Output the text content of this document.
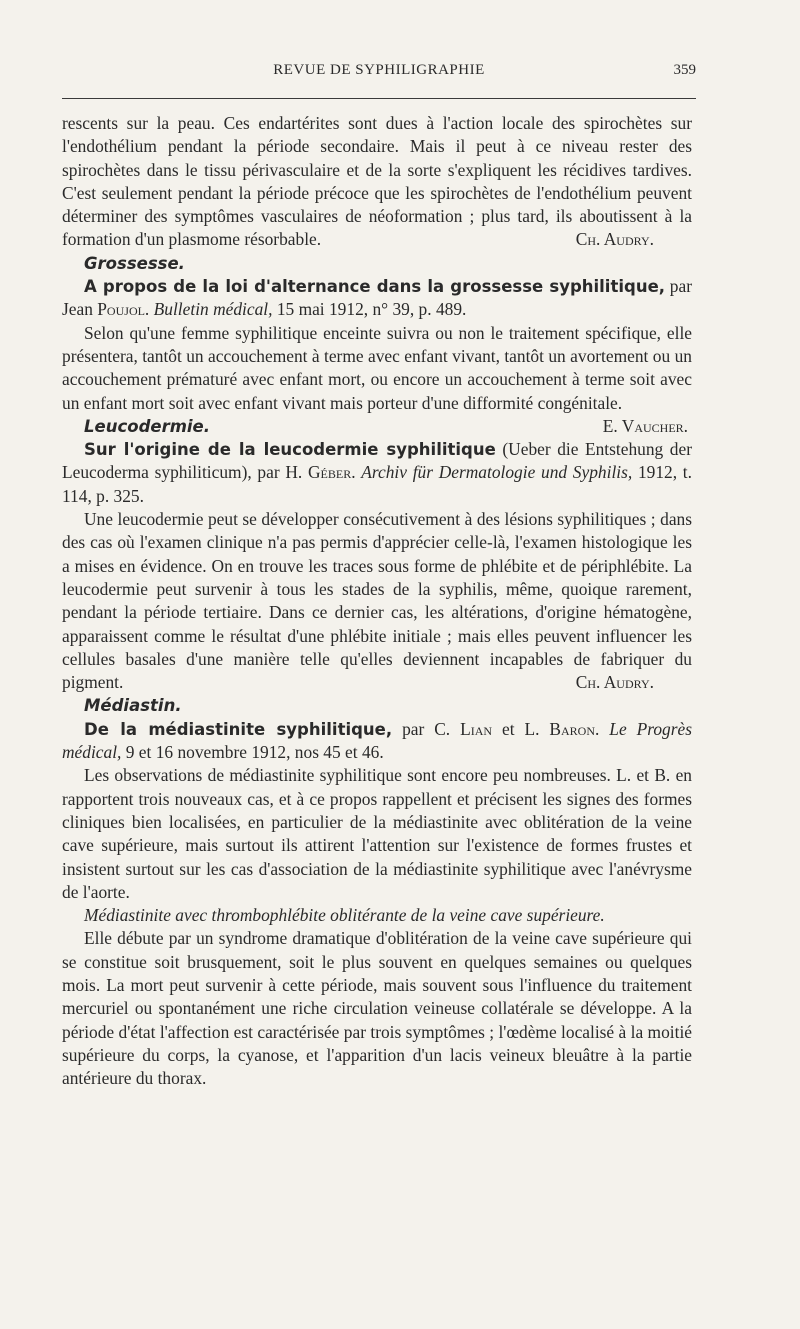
REVUE DE SYPHILIGRAPHIE	359

rescents sur la peau. Ces endartérites sont dues à l'action locale des spirochètes sur l'endothélium pendant la période secondaire. Mais il peut à ce niveau rester des spirochètes dans le tissu périvasculaire et de la sorte s'expliquent les récidives tardives. C'est seulement pendant la période précoce que les spirochètes de l'endothélium peuvent déterminer des symptômes vasculaires de néoformation ; plus tard, ils aboutissent à la formation d'un plasmome résorbable.	Ch. Audry.

Grossesse.

A propos de la loi d'alternance dans la grossesse syphilitique, par Jean Poujol. Bulletin médical, 15 mai 1912, n° 39, p. 489.

Selon qu'une femme syphilitique enceinte suivra ou non le traitement spécifique, elle présentera, tantôt un accouchement à terme avec enfant vivant, tantôt un avortement ou un accouchement prématuré avec enfant mort, ou encore un accouchement à terme soit avec un enfant mort soit avec enfant vivant mais porteur d'une difformité congénitale.
E. Vaucher.

Leucodermie.

Sur l'origine de la leucodermie syphilitique (Ueber die Entstehung der Leucoderma syphiliticum), par H. Géber. Archiv für Dermatologie und Syphilis, 1912, t. 114, p. 325.

Une leucodermie peut se développer consécutivement à des lésions syphilitiques ; dans des cas où l'examen clinique n'a pas permis d'apprécier celle-là, l'examen histologique les a mises en évidence. On en trouve les traces sous forme de phlébite et de périphlébite. La leucodermie peut survenir à tous les stades de la syphilis, même, quoique rarement, pendant la période tertiaire. Dans ce dernier cas, les altérations, d'origine hématogène, apparaissent comme le résultat d'une phlébite initiale ; mais elles peuvent influencer les cellules basales d'une manière telle qu'elles deviennent incapables de fabriquer du pigment.	Ch. Audry.

Médiastin.

De la médiastinite syphilitique, par C. Lian et L. Baron. Le Progrès médical, 9 et 16 novembre 1912, nos 45 et 46.

Les observations de médiastinite syphilitique sont encore peu nombreuses. L. et B. en rapportent trois nouveaux cas, et à ce propos rappellent et précisent les signes des formes cliniques bien localisées, en particulier de la médiastinite avec oblitération de la veine cave supérieure, mais surtout ils attirent l'attention sur l'existence de formes frustes et insistent surtout sur les cas d'association de la médiastinite syphilitique avec l'anévrysme de l'aorte.

Médiastinite avec thrombophlébite oblitérante de la veine cave supérieure.

Elle débute par un syndrome dramatique d'oblitération de la veine cave supérieure qui se constitue soit brusquement, soit le plus souvent en quelques semaines ou quelques mois. La mort peut survenir à cette période, mais souvent sous l'influence du traitement mercuriel ou spontanément une riche circulation veineuse collatérale se développe. A la période d'état l'affection est caractérisée par trois symptômes ; l'œdème localisé à la moitié supérieure du corps, la cyanose, et l'apparition d'un lacis veineux bleuâtre à la partie antérieure du thorax.
